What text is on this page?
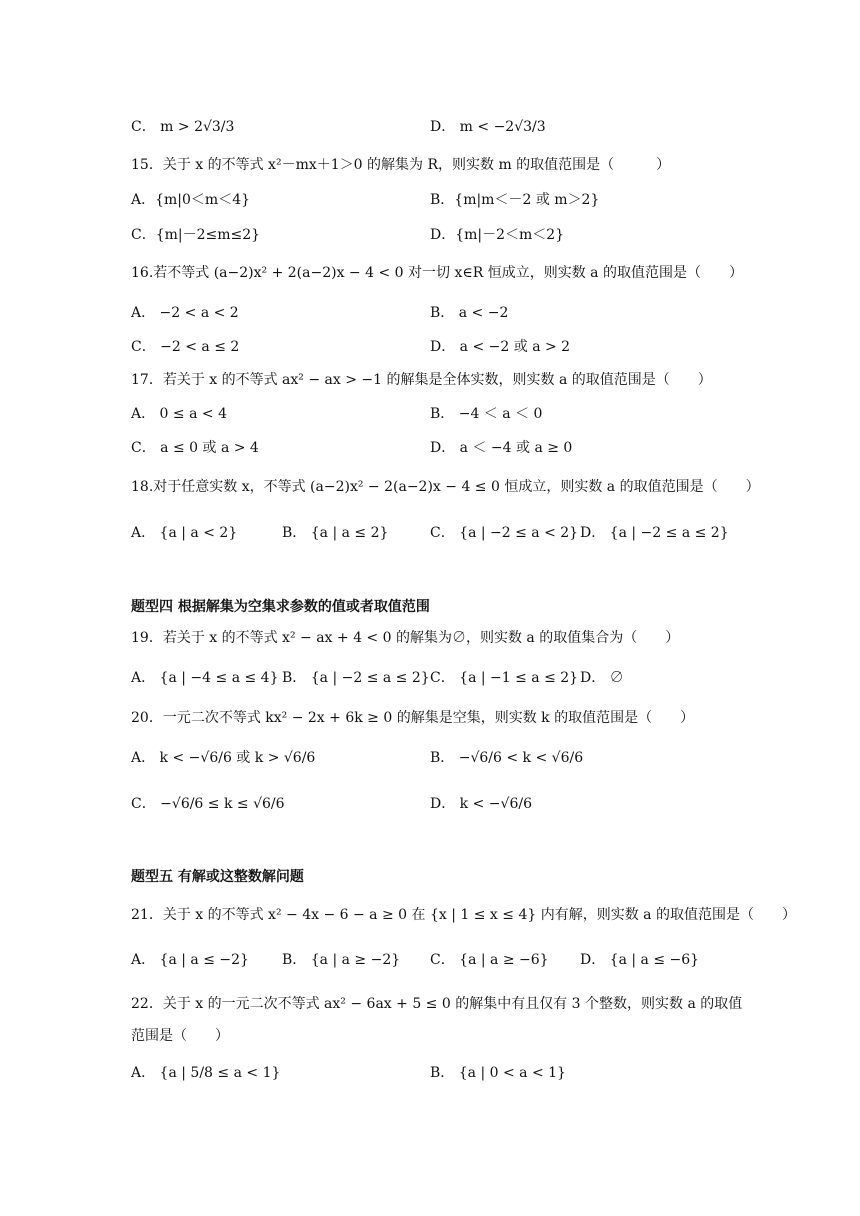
C． m > 2√3/3	D． m < −2√3/3
15．关于 x 的不等式 x²－mx＋1＞0 的解集为 R，则实数 m 的取值范围是（　　　）
A．{m|0＜m＜4}	B．{m|m＜－2 或 m＞2}
C．{m|－2≤m≤2}	D．{m|－2＜m＜2}
16.若不等式 (a−2)x² + 2(a−2)x − 4 < 0 对一切 x∈R 恒成立，则实数 a 的取值范围是（　　）
A． −2 < a < 2	B． a < −2
C． −2 < a ≤ 2	D． a < −2 或 a > 2
17．若关于 x 的不等式 ax² − ax > −1 的解集是全体实数，则实数 a 的取值范围是（　　）
A． 0 ≤ a < 4	B． −4 ＜ a ＜ 0
C． a ≤ 0 或 a > 4	D． a ＜ −4 或 a ≥ 0
18.对于任意实数 x，不等式 (a−2)x² − 2(a−2)x − 4 ≤ 0 恒成立，则实数 a 的取值范围是（　　）
A． {a | a < 2}	B． {a | a ≤ 2}	C． {a | −2 ≤ a < 2} D． {a | −2 ≤ a ≤ 2}
题型四 根据解集为空集求参数的值或者取值范围
19．若关于 x 的不等式 x² − ax + 4 < 0 的解集为∅，则实数 a 的取值集合为（　　）
A． {a | −4 ≤ a ≤ 4} B． {a | −2 ≤ a ≤ 2} C． {a | −1 ≤ a ≤ 2} D． ∅
20．一元二次不等式 kx² − 2x + 6k ≥ 0 的解集是空集，则实数 k 的取值范围是（　　）
A． k < −√6/6 或 k > √6/6	B． −√6/6 < k < √6/6
C． −√6/6 ≤ k ≤ √6/6	D． k < −√6/6
题型五 有解或这整数解问题
21．关于 x 的不等式 x² − 4x − 6 − a ≥ 0 在 {x | 1 ≤ x ≤ 4} 内有解，则实数 a 的取值范围是（　　）
A． {a | a ≤ −2} B． {a | a ≥ −2} C． {a | a ≥ −6} D． {a | a ≤ −6}
22．关于 x 的一元二次不等式 ax² − 6ax + 5 ≤ 0 的解集中有且仅有 3 个整数，则实数 a 的取值
范围是（　　）
A． {a | 5/8 ≤ a < 1}	B． {a | 0 < a < 1}
